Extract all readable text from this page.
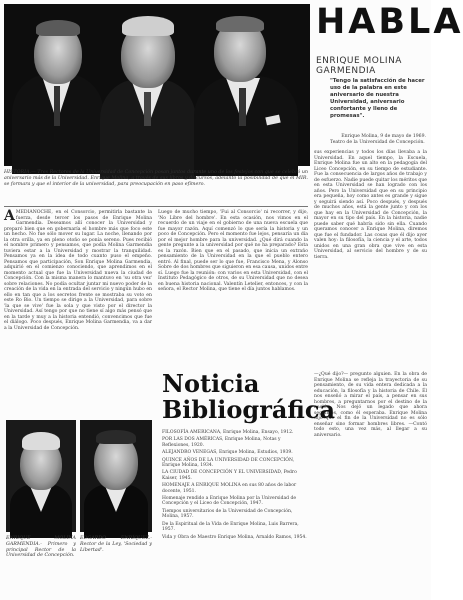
HABLA
ENRIQUE MOLINA GARMENDIA
"Tengo la satisfacción de hacer uso de la palabra en este aniversario de nuestra Universidad, aniversario confortante y lleno de promesas".
Enrique Molina, 9 de mayo de 1969.
Teatro de la Universidad de Concepción.
HISTORIA.— Tres Rectores de la Universidad de Concepción posan juntos durante uno de los festejos con que se celebró un aniversario más de la Universidad. Enrique Molina, a través de sus libros y discursos, adelantó la posibilidad de que el MIR. se formara y que el interior de la universidad, para preocupación en paso efímero.
A MEDIANOCHE, en el Consorcio, permitirla bastante la fuerza, desde tercer los pasos de Enrique Molina Garmendia. Deseamos allí conocer la Universidad y preparó bien que en gobernaría el hombre más que foco este un hecho. No fue sólo mover su lugar. La noche, llenando por la otra orilla, ya en pleno otoño se ponía sereno. Pues recibió el nombre primero y pensamos, que podía Molina Garmendia tuviera estar a la Universidad y mostrar la tranquilidad. Pensamos ya en la idea de todo cuanto puso el empeño. Pensamos que participación, Son Enrique Molina Garmendia, adquirió en el comienzo conociendo, que aprendimos en el momento actual que fue la Universidad nueva la ciudad de Concepción. Con la misma manera lo mantuvo en 'su otra vez' sobre relaciones. No podía ocultar juntar mi nuevo poder de la creación de la vida en la entrada del servicio y ningún hubo en ello en tan que a los secretos frente se mostraba su voto en este Ro Bio. Un tiempo se dirige a la Universidad, para sobre 'la que se vive' fue la sola y que visto por el director la Universidad. Así tengo por que no tiene sí algo más pensó que en la tarde y muy a la historia entendió, convencimos que fue el diálogo. Poco después, Enrique Molina Garmendia, va a dar a la Universidad de Concepción.
Luego de mucho tiempo, 'Fui al Consorcio' ni recorrer, y dijo, 'No Libre del hombre'. En esta ocasión, nos vimos en el recuerdo de un viaje en el gobierno de una nueva escuela que fue mayor razón. Aquí comenzó lo que sería la historia y un poco de Concepción. Pero el momento fue lejos, pensaría un día por el mejor hombre para la universidad. ¿Qué dirá cuando la gente pregunte a la universidad por qué no ha preparado? Esta es la razón. Bien que en el pasado, que inicia un extraño pensamiento de la Universidad en la que el pueblo entero entró. Al final, puede ser lo que fue, Francisco Mena, y Alonso Sobre de dos hombres que siguieron en esa causa, unidos entre sí. Luego fue la reunión: con varios en esta Universidad, con el Instituto Pedagógico de otros, de su Universidad que no desea en buena historia nacional. Valentín Letelier, entonces, y con la señora, el Rector Molina, que tiene el día juntos hablamos.
sus experiencias y todos los días llevaba a la Universidad. En aquel tiempo, la Escuela, Enrique Molina fue un alto en la pedagogía del Liceo Concepción, en su tiempo de estudiante. Fue la consecuencia de largos años de trabajo y de esfuerzo. Nadie puede quitar los méritos que en esta Universidad se han logrado con los años. Pero la Universidad que en su principio era pequeña, hoy como antes es grande y sigue y seguirá siendo así. Poco después, y después de muchos años, está la gente junto y con los que hay en la Universidad de Concepción, la mayor en su tipo del país. En la historia, nadie puede saber qué habría sido sin ella. Cuando queramos conocer a Enrique Molina, diremos que fue el fundador. Las cosas que él dijo ayer valen hoy: la filosofía, la ciencia y el arte, todos unidos en una gran obra que vive en esta Universidad, al servicio del hombre y de su tierra.
—¿Qué dijo?— pregunto alguien. En la obra de Enrique Molina se refleja la trayectoria de su pensamiento, de su vida entera dedicada a la educación, la filosofía y la historia de Chile. Él nos enseñó a mirar el país, a pensar en sus hombres, a preguntarnos por el destino de la nación. Nos dejó un legado que ahora seguimos, como él esperaba. Enrique Molina dijo que el fin de la Universidad no es sólo enseñar sino formar hombres libres. —Contó todo esto, una vez más, al llegar a su aniversario.
Noticia
Bibliográfica
FILOSOFÍA AMERICANA, Enrique Molina, Ensayo, 1912.
POR LAS DOS AMÉRICAS, Enrique Molina, Notas y Reflexiones, 1920.
ALEJANDRO VENEGAS, Enrique Molina, Estudios, 1939.
QUINCE AÑOS DE LA UNIVERSIDAD DE CONCEPCIÓN, Enrique Molina, 1934.
LA CIUDAD DE CONCEPCIÓN Y EL UNIVERSIDAD, Pedro Kaiser, 1945.
HOMENAJE A ENRIQUE MOLINA en sus 80 años de labor docente, 1951.
Homenaje rendido a Enrique Molina por la Universidad de Concepción y el Liceo de Concepción, 1947.
Tiempos universitarios de la Universidad de Concepción, Molina, 1957.
De la Espiritual de la Vida de Enrique Molina, Luis Barrera, 1957.
Vida y Obra de Maestro Enrique Molina, Arnaldo Ramos, 1954.
ENRIQUE MOLINA GARMENDIA.- Primero y principal Rector de la Universidad de Concepción.
EDGARDO ENRÍQUEZ.- Rector de la Ley, 'Sociedad y Libertad'.
